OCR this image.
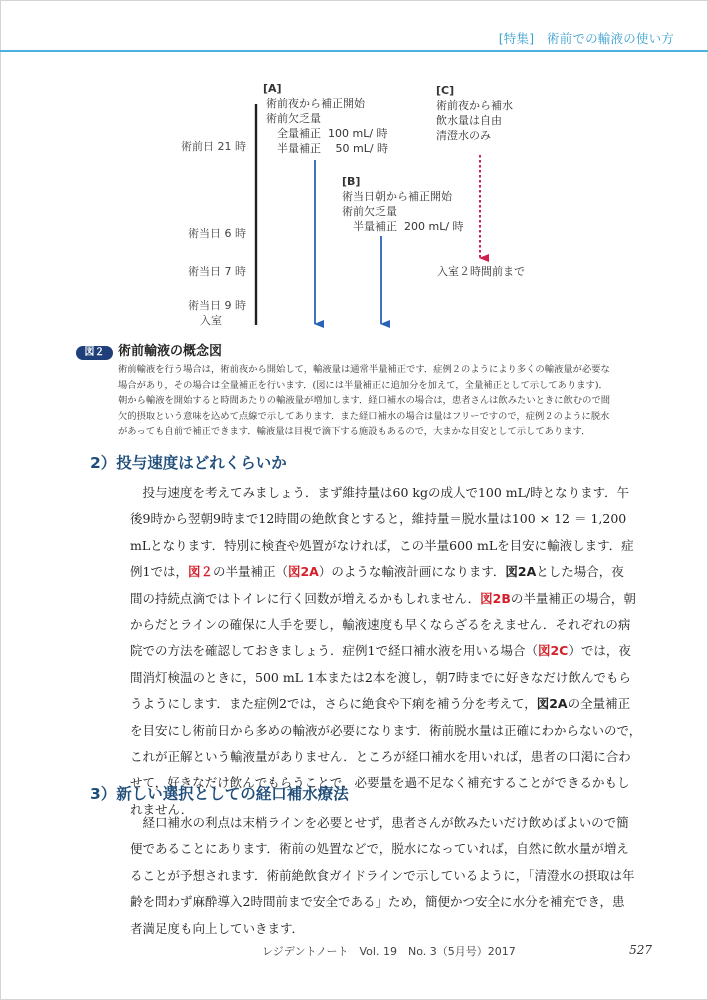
[特集]　術前での輸液の使い方
術前日 21 時
術当日 6 時
術当日 7 時
術当日 9 時
入室
[A]
術前夜から補正開始
術前欠乏量
　全量補正  100 mL/ 時
　半量補正　 50 mL/ 時
[B]
術当日朝から補正開始
術前欠乏量
　半量補正  200 mL/ 時
[C]
術前夜から補水
飲水量は自由
清澄水のみ
入室２時間前まで
図２	術前輸液の概念図
術前輸液を行う場合は，術前夜から開始して，輸液量は通常半量補正です．症例２のようにより多くの輸液量が必要な
場合があり，その場合は全量補正を行います．(図には半量補正に追加分を加えて，全量補正として示してあります)．
朝から輸液を開始すると時間あたりの輸液量が増加します．経口補水の場合は，患者さんは飲みたいときに飲むので間
欠的摂取という意味を込めて点線で示してあります．また経口補水の場合は量はフリーですので，症例２のように脱水
があっても自前で補正できます．輸液量は目視で滴下する施設もあるので，大まかな目安として示してあります．
2）投与速度はどれくらいか
　投与速度を考えてみましょう．まず維持量は60 kgの成人で100 mL/時となります．午
後9時から翌朝9時まで12時間の絶飲食とすると，維持量＝脱水量は100 × 12 ＝ 1,200
mLとなります．特別に検査や処置がなければ，この半量600 mLを目安に輸液します．症
例1では，図２の半量補正（図2A）のような輸液計画になります．図2Aとした場合，夜
間の持続点滴ではトイレに行く回数が増えるかもしれません．図2Bの半量補正の場合，朝
からだとラインの確保に人手を要し，輸液速度も早くならざるをえません．それぞれの病
院での方法を確認しておきましょう．症例1で経口補水液を用いる場合（図2C）では，夜
間消灯検温のときに，500 mL 1本または2本を渡し，朝7時までに好きなだけ飲んでもら
うようにします．また症例2では，さらに絶食や下痢を補う分を考えて，図2Aの全量補正
を目安にし術前日から多めの輸液が必要になります．術前脱水量は正確にわからないので，
これが正解という輸液量がありません．ところが経口補水を用いれば，患者の口渇に合わ
せて，好きなだけ飲んでもらうことで，必要量を過不足なく補充することができるかもし
れません．
3）新しい選択としての経口補水療法
　経口補水の利点は末梢ラインを必要とせず，患者さんが飲みたいだけ飲めばよいので簡
便であることにあります．術前の処置などで，脱水になっていれば，自然に飲水量が増え
ることが予想されます．術前絶飲食ガイドラインで示しているように，「清澄水の摂取は年
齢を問わず麻酔導入2時間前まで安全である」ため，簡便かつ安全に水分を補充でき，患
者満足度も向上していきます．
レジデントノート　Vol. 19　No. 3（5月号）2017	527
